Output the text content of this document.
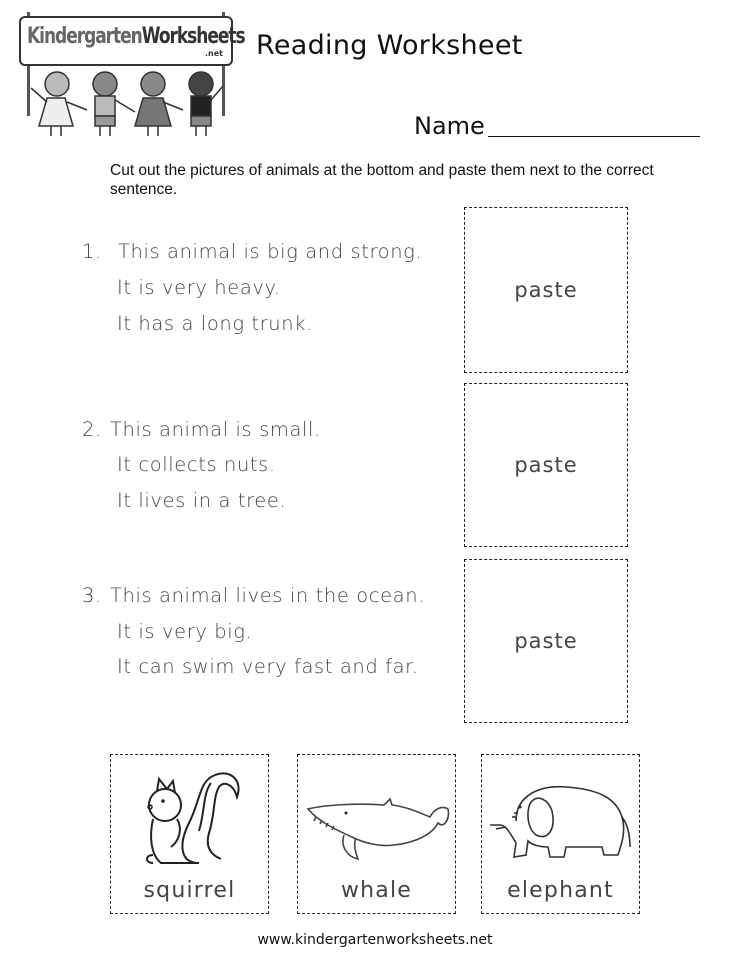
KindergartenWorksheets
.net Reading Worksheet
Name
Cut out the pictures of animals at the bottom and paste them next to the correct sentence.
1. This animal is big and strong.
It is very heavy.
It has a long trunk.
paste
2. This animal is small.
It collects nuts.
It lives in a tree.
paste
3. This animal lives in the ocean.
It is very big.
It can swim very fast and far.
paste
squirrel	whale	elephant
www.kindergartenworksheets.net
